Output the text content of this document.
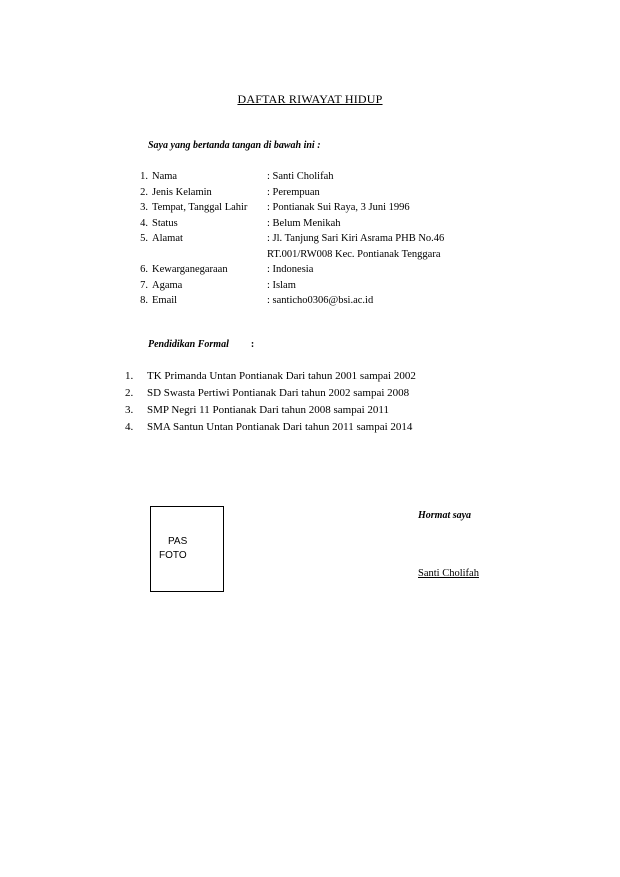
DAFTAR RIWAYAT HIDUP
Saya yang bertanda tangan di bawah ini :
1. Nama	: Santi Cholifah
2. Jenis Kelamin	: Perempuan
3. Tempat, Tanggal Lahir	: Pontianak Sui Raya, 3 Juni 1996
4. Status	: Belum Menikah
5. Alamat	: Jl. Tanjung Sari Kiri Asrama PHB No.46
RT.001/RW008 Kec. Pontianak Tenggara
6. Kewarganegaraan	: Indonesia
7. Agama	: Islam
8. Email	: santicho0306@bsi.ac.id
Pendidikan Formal :
1.	TK Primanda Untan Pontianak Dari tahun 2001 sampai 2002
2.	SD Swasta Pertiwi Pontianak Dari tahun 2002 sampai 2008
3.	SMP Negri 11 Pontianak Dari tahun 2008 sampai 2011
4.	SMA Santun Untan Pontianak Dari tahun 2011 sampai 2014
PAS
FOTO
Hormat saya
Santi Cholifah
